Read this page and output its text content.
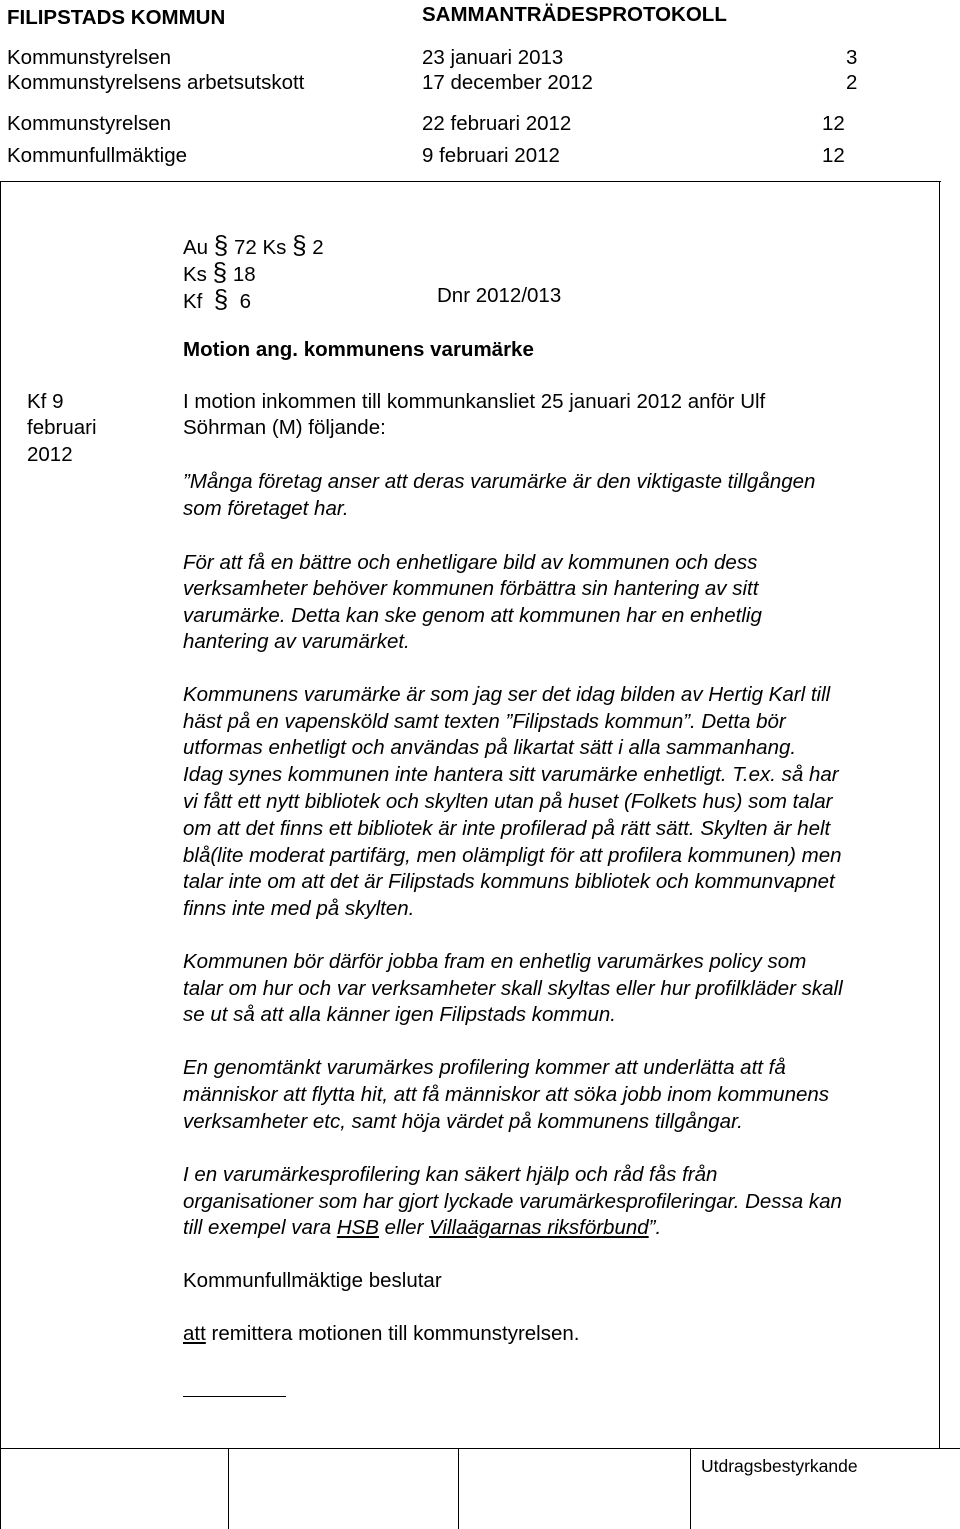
FILIPSTADS KOMMUN	SAMMANTRÄDESPROTOKOLL
Kommunstyrelsen	23 januari 2013	3
Kommunstyrelsens arbetsutskott	17 december 2012	2
Kommunstyrelsen	22 februari 2012	12
Kommunfullmäktige	9 februari 2012	12
Au § 72 Ks § 2
Ks § 18
Kf § 6	Dnr 2012/013
Motion ang. kommunens varumärke
Kf 9
februari
2012
I motion inkommen till kommunkansliet 25 januari 2012 anför Ulf
Söhrman (M) följande:
”Många företag anser att deras varumärke är den viktigaste tillgången
som företaget har.
För att få en bättre och enhetligare bild av kommunen och dess
verksamheter behöver kommunen förbättra sin hantering av sitt
varumärke. Detta kan ske genom att kommunen har en enhetlig
hantering av varumärket.
Kommunens varumärke är som jag ser det idag bilden av Hertig Karl till
häst på en vapensköld samt texten ”Filipstads kommun”. Detta bör
utformas enhetligt och användas på likartat sätt i alla sammanhang.
Idag synes kommunen inte hantera sitt varumärke enhetligt. T.ex. så har
vi fått ett nytt bibliotek och skylten utan på huset (Folkets hus) som talar
om att det finns ett bibliotek är inte profilerad på rätt sätt. Skylten är helt
blå(lite moderat partifärg, men olämpligt för att profilera kommunen) men
talar inte om att det är Filipstads kommuns bibliotek och kommunvapnet
finns inte med på skylten.
Kommunen bör därför jobba fram en enhetlig varumärkes policy som
talar om hur och var verksamheter skall skyltas eller hur profilkläder skall
se ut så att alla känner igen Filipstads kommun.
En genomtänkt varumärkes profilering kommer att underlätta att få
människor att flytta hit, att få människor att söka jobb inom kommunens
verksamheter etc, samt höja värdet på kommunens tillgångar.
I en varumärkesprofilering kan säkert hjälp och råd fås från
organisationer som har gjort lyckade varumärkesprofileringar. Dessa kan
till exempel vara HSB eller Villaägarnas riksförbund”.
Kommunfullmäktige beslutar
att remittera motionen till kommunstyrelsen.
Utdragsbestyrkande
